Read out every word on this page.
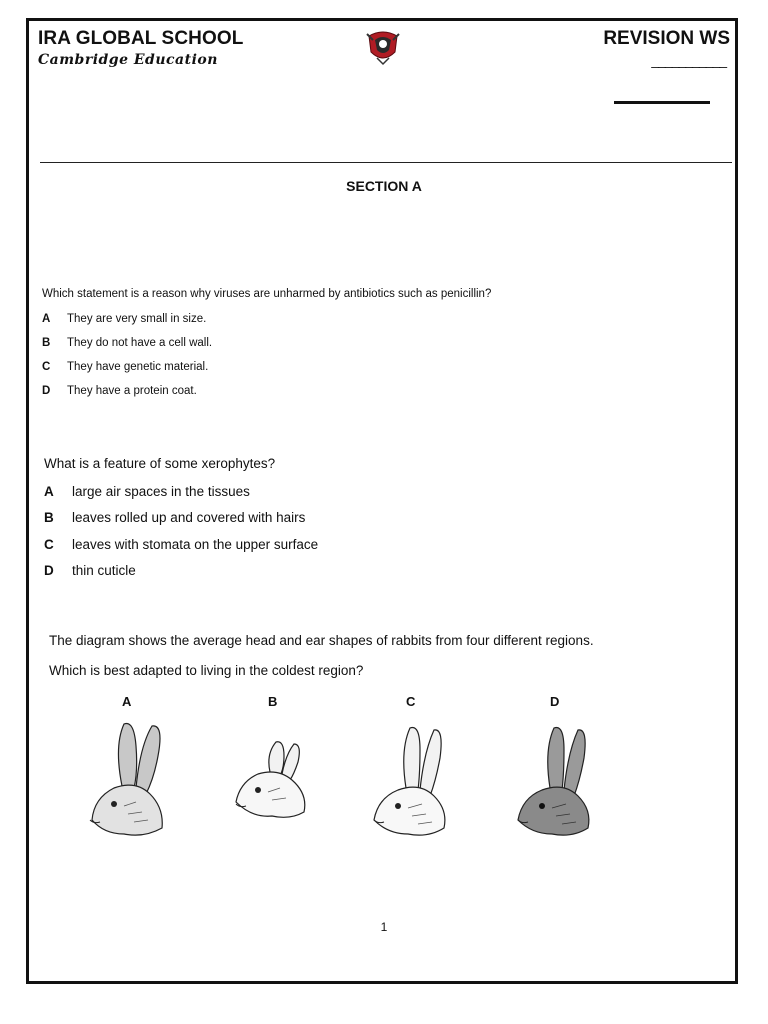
IRA GLOBAL SCHOOL
Cambridge Education
REVISION WS
___________
SECTION A
Which statement is a reason why viruses are unharmed by antibiotics such as penicillin?
A They are very small in size.
B They do not have a cell wall.
C They have genetic material.
D They have a protein coat.
What is a feature of some xerophytes?
A large air spaces in the tissues
B leaves rolled up and covered with hairs
C leaves with stomata on the upper surface
D thin cuticle
The diagram shows the average head and ear shapes of rabbits from four different regions.
Which is best adapted to living in the coldest region?
A	B	C	D
1
